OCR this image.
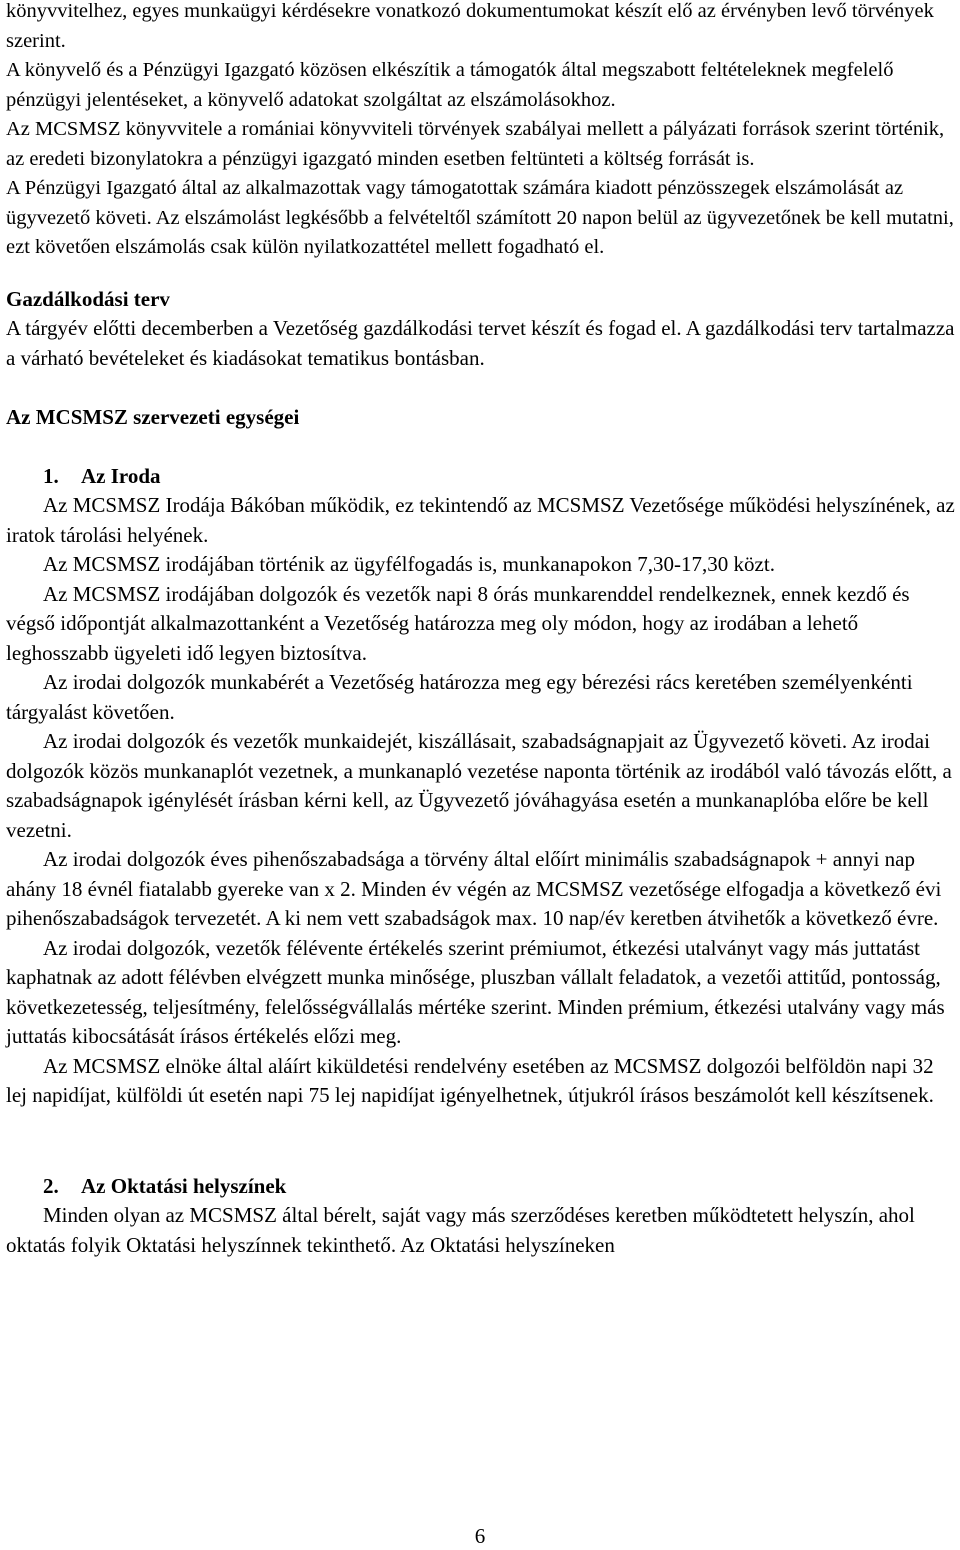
könyvvitelhez, egyes munkaügyi kérdésekre vonatkozó dokumentumokat készít elő az érvényben levő törvények szerint.

A könyvelő és a Pénzügyi Igazgató közösen elkészítik a támogatók által megszabott feltételeknek megfelelő pénzügyi jelentéseket, a könyvelő adatokat szolgáltat az elszámolásokhoz.

Az MCSMSZ könyvvitele a romániai könyvviteli törvények szabályai mellett a pályázati források szerint történik, az eredeti bizonylatokra a pénzügyi igazgató minden esetben feltünteti a költség forrását is.

A Pénzügyi Igazgató által az alkalmazottak vagy támogatottak számára kiadott pénzösszegek elszámolását az ügyvezető követi. Az elszámolást legkésőbb a felvételtől számított 20 napon belül az ügyvezetőnek be kell mutatni, ezt követően elszámolás csak külön nyilatkozattétel mellett fogadható el.

Gazdálkodási terv

A tárgyév előtti decemberben a Vezetőség gazdálkodási tervet készít és fogad el. A gazdálkodási terv tartalmazza a várható bevételeket és kiadásokat tematikus bontásban.

Az MCSMSZ szervezeti egységei
1. Az Iroda

Az MCSMSZ Irodája Bákóban működik, ez tekintendő az MCSMSZ Vezetősége működési helyszínének, az iratok tárolási helyének.

Az MCSMSZ irodájában történik az ügyfélfogadás is, munkanapokon 7,30-17,30 közt.

Az MCSMSZ irodájában dolgozók és vezetők napi 8 órás munkarenddel rendelkeznek, ennek kezdő és végső időpontját alkalmazottanként a Vezetőség határozza meg oly módon, hogy az irodában a lehető leghosszabb ügyeleti idő legyen biztosítva.

Az irodai dolgozók munkabérét a Vezetőség határozza meg egy bérezési rács keretében személyenkénti tárgyalást követően.

Az irodai dolgozók és vezetők munkaidejét, kiszállásait, szabadságnapjait az Ügyvezető követi. Az irodai dolgozók közös munkanaplót vezetnek, a munkanapló vezetése naponta történik az irodából való távozás előtt, a szabadságnapok igénylését írásban kérni kell, az Ügyvezető jóváhagyása esetén a munkanaplóba előre be kell vezetni.

Az irodai dolgozók éves pihenőszabadsága a törvény által előírt minimális szabadságnapok + annyi nap ahány 18 évnél fiatalabb gyereke van x 2. Minden év végén az MCSMSZ vezetősége elfogadja a következő évi pihenőszabadságok tervezetét. A ki nem vett szabadságok max. 10 nap/év keretben átvihetők a következő évre.

Az irodai dolgozók, vezetők félévente értékelés szerint prémiumot, étkezési utalványt vagy más juttatást kaphatnak az adott félévben elvégzett munka minősége, pluszban vállalt feladatok, a vezetői attitűd, pontosság, következetesség, teljesítmény, felelősségvállalás mértéke szerint. Minden prémium, étkezési utalvány vagy más juttatás kibocsátását írásos értékelés előzi meg.

Az MCSMSZ elnöke által aláírt kiküldetési rendelvény esetében az MCSMSZ dolgozói belföldön napi 32 lej napidíjat, külföldi út esetén napi 75 lej napidíjat igényelhetnek, útjukról írásos beszámolót kell készítsenek.

2. Az Oktatási helyszínek

Minden olyan az MCSMSZ által bérelt, saját vagy más szerződéses keretben működtetett helyszín, ahol oktatás folyik Oktatási helyszínnek tekinthető. Az Oktatási helyszíneken

6
